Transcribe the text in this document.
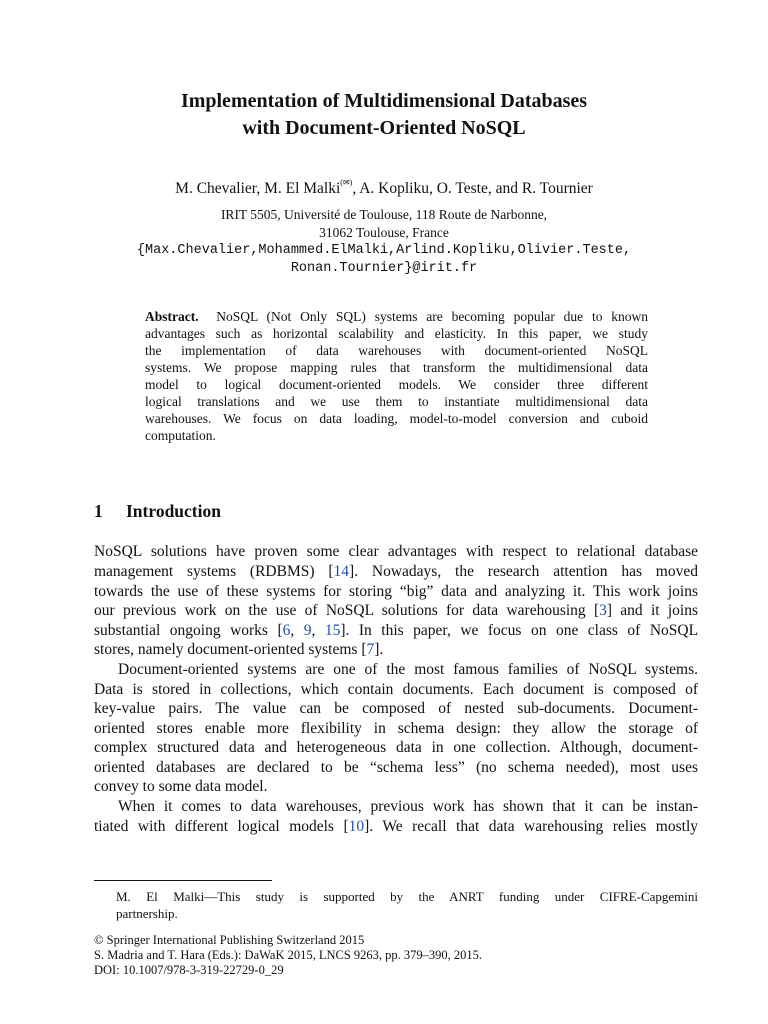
Implementation of Multidimensional Databases
with Document-Oriented NoSQL
M. Chevalier, M. El Malki(✉), A. Kopliku, O. Teste, and R. Tournier
IRIT 5505, Université de Toulouse, 118 Route de Narbonne,
31062 Toulouse, France
{Max.Chevalier,Mohammed.ElMalki,Arlind.Kopliku,Olivier.Teste,
Ronan.Tournier}@irit.fr
Abstract. NoSQL (Not Only SQL) systems are becoming popular due to known
advantages such as horizontal scalability and elasticity. In this paper, we study
the implementation of data warehouses with document-oriented NoSQL
systems. We propose mapping rules that transform the multidimensional data
model to logical document-oriented models. We consider three different
logical translations and we use them to instantiate multidimensional data
warehouses. We focus on data loading, model-to-model conversion and cuboid
computation.
1 Introduction
NoSQL solutions have proven some clear advantages with respect to relational database
management systems (RDBMS) [14]. Nowadays, the research attention has moved
towards the use of these systems for storing “big” data and analyzing it. This work joins
our previous work on the use of NoSQL solutions for data warehousing [3] and it joins
substantial ongoing works [6, 9, 15]. In this paper, we focus on one class of NoSQL
stores, namely document-oriented systems [7].
Document-oriented systems are one of the most famous families of NoSQL systems.
Data is stored in collections, which contain documents. Each document is composed of
key-value pairs. The value can be composed of nested sub-documents. Document-
oriented stores enable more flexibility in schema design: they allow the storage of
complex structured data and heterogeneous data in one collection. Although, document-
oriented databases are declared to be “schema less” (no schema needed), most uses
convey to some data model.
When it comes to data warehouses, previous work has shown that it can be instan-
tiated with different logical models [10]. We recall that data warehousing relies mostly
M. El Malki—This study is supported by the ANRT funding under CIFRE-Capgemini
partnership.
© Springer International Publishing Switzerland 2015
S. Madria and T. Hara (Eds.): DaWaK 2015, LNCS 9263, pp. 379–390, 2015.
DOI: 10.1007/978-3-319-22729-0_29
